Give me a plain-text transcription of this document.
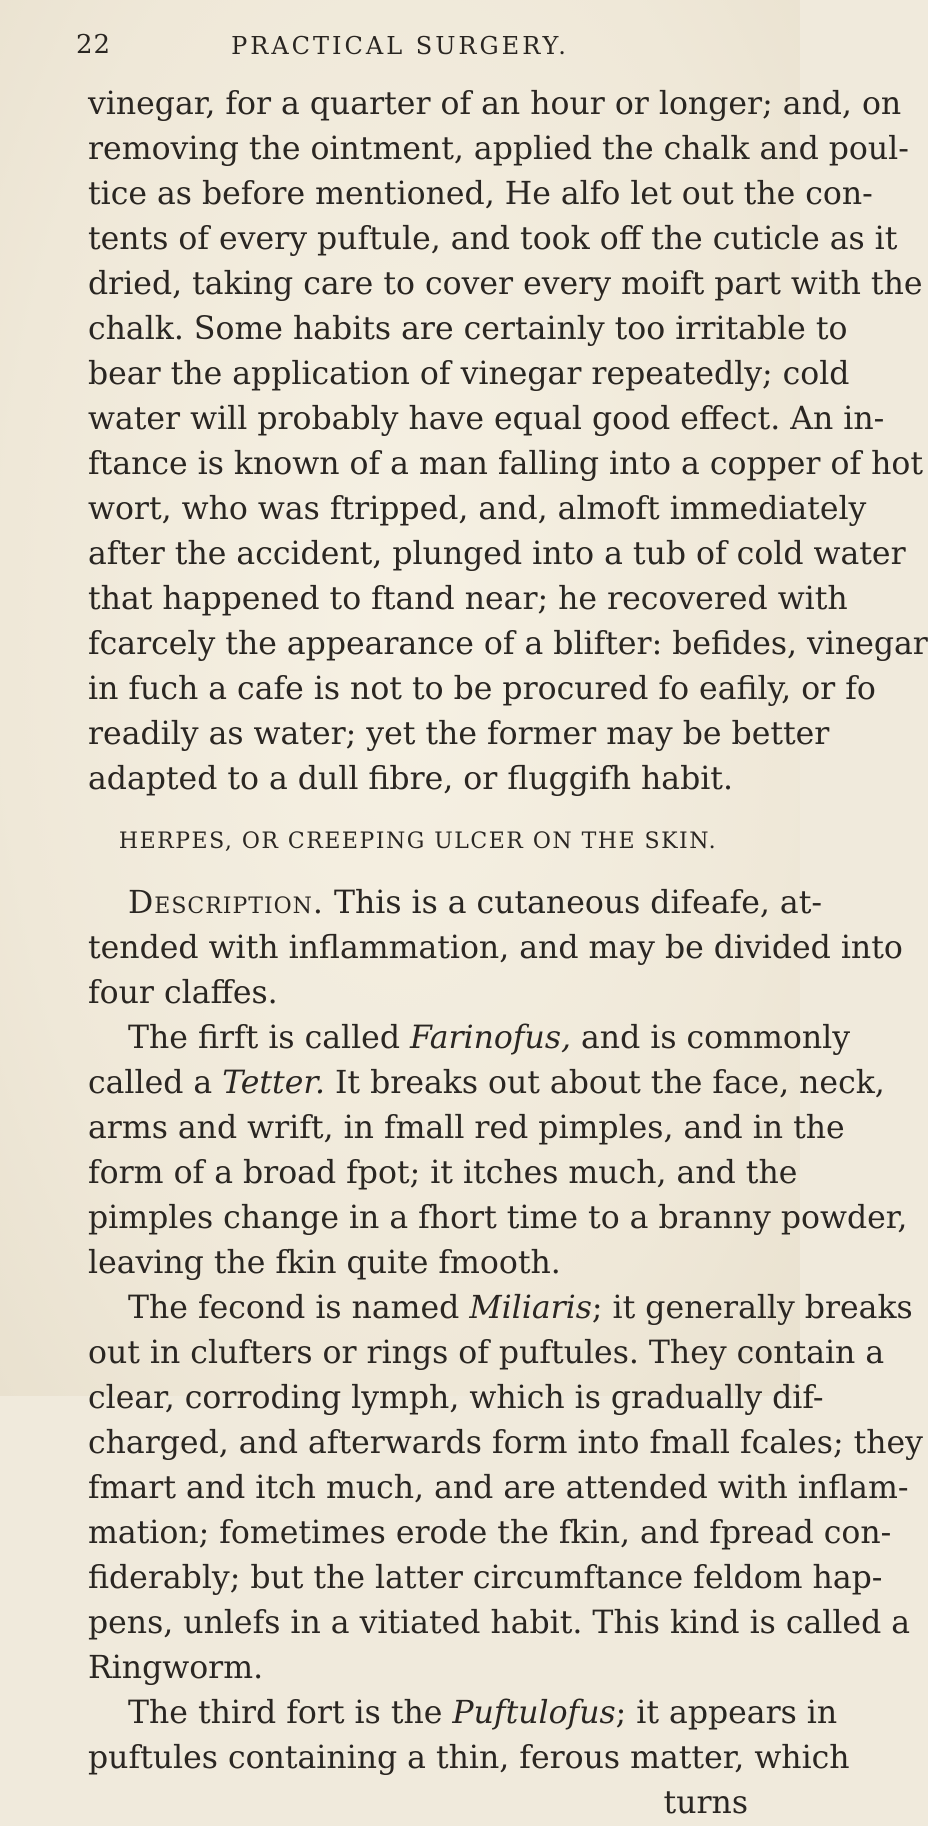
22	PRACTICAL SURGERY.
vinegar, for a quarter of an hour or longer; and, on
removing the ointment, applied the chalk and poul-
tice as before mentioned, He alfo let out the con-
tents of every puftule, and took off the cuticle as it
dried, taking care to cover every moift part with the
chalk. Some habits are certainly too irritable to
bear the application of vinegar repeatedly; cold
water will probably have equal good effect. An in-
ftance is known of a man falling into a copper of hot
wort, who was ftripped, and, almoft immediately
after the accident, plunged into a tub of cold water
that happened to ftand near; he recovered with
fcarcely the appearance of a blifter: befides, vinegar
in fuch a cafe is not to be procured fo eafily, or fo
readily as water; yet the former may be better
adapted to a dull fibre, or fluggifh habit.
HERPES, OR CREEPING ULCER ON THE SKIN.
Description. This is a cutaneous difeafe, at-
tended with inflammation, and may be divided into
four claffes.
The firft is called Farinofus, and is commonly
called a Tetter. It breaks out about the face, neck,
arms and wrift, in fmall red pimples, and in the
form of a broad fpot; it itches much, and the
pimples change in a fhort time to a branny powder,
leaving the fkin quite fmooth.
The fecond is named Miliaris; it generally breaks
out in clufters or rings of puftules. They contain a
clear, corroding lymph, which is gradually dif-
charged, and afterwards form into fmall fcales; they
fmart and itch much, and are attended with inflam-
mation; fometimes erode the fkin, and fpread con-
fiderably; but the latter circumftance feldom hap-
pens, unlefs in a vitiated habit. This kind is called a
Ringworm.
The third fort is the Puftulofus; it appears in
puftules containing a thin, ferous matter, which
turns
